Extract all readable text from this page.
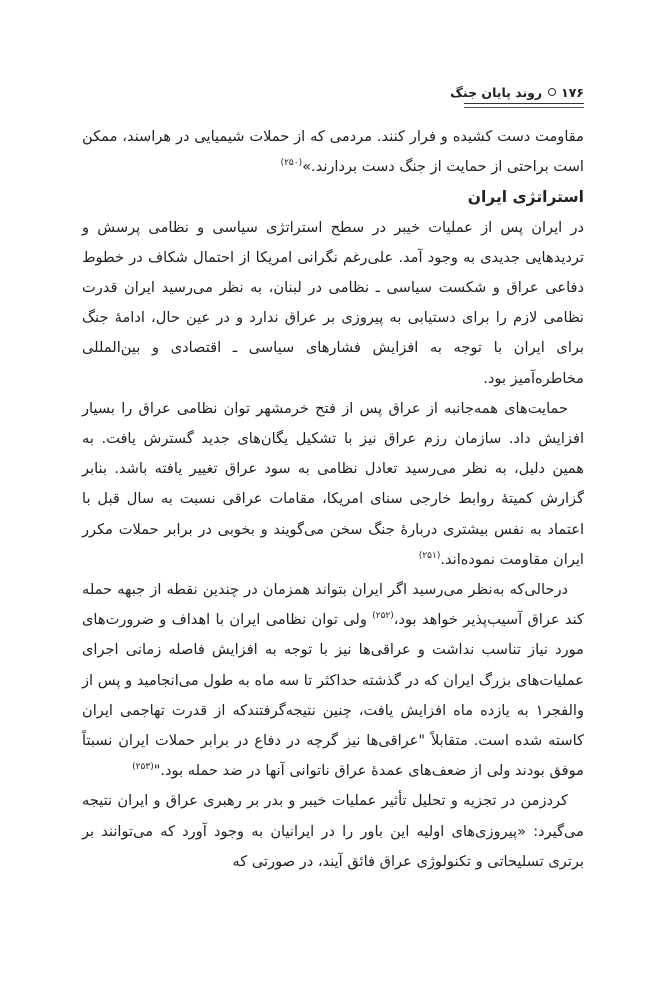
۱۷۶
روند پایان جنگ

مقاومت دست کشیده و فرار کنند. مردمی که از حملات شیمیایی در هراسند، ممکن است براحتی از حمایت از جنگ دست بردارند.»$^{(۲۵۰)}$

استراتژی ایران

در ایران پس از عملیات خیبر در سطح استراتژی سیاسی و نظامی پرسش و تردیدهایی جدیدی به وجود آمد. علی‌رغم نگرانی امریکا از احتمال شکاف در خطوط دفاعی عراق و شکست سیاسی ـ نظامی در لبنان، به نظر می‌رسید ایران قدرت نظامی لازم را برای دستیابی به پیروزی بر عراق ندارد و در عین حال، ادامهٔ جنگ برای ایران با توجه به افزایش فشارهای سیاسی ـ اقتصادی و بین‌المللی مخاطره‌آمیز بود.

حمایت‌های همه‌جانبه از عراق پس از فتح خرمشهر توان نظامی عراق را بسیار افزایش داد. سازمان رزم عراق نیز با تشکیل یگان‌های جدید گسترش یافت. به همین دلیل، به نظر می‌رسید تعادل نظامی به سود عراق تغییر یافته باشد. بنابر گزارش کمیتهٔ روابط خارجی سنای امریکا، مقامات عراقی نسبت به سال قبل با اعتماد به نفس بیشتری دربارهٔ جنگ سخن می‌گویند و بخوبی در برابر حملات مکرر ایران مقاومت نموده‌اند.$^{(۲۵۱)}$

درحالی‌که به‌نظر می‌رسید اگر ایران بتواند همزمان در چندین نقطه از جبهه حمله کند عراق آسیب‌پذیر خواهد بود،$^{(۲۵۲)}$ ولی توان نظامی ایران با اهداف و ضرورت‌های مورد نیاز تناسب نداشت و عراقی‌ها نیز با توجه به افزایش فاصله زمانی اجرای عملیات‌های بزرگ ایران که در گذشته حداکثر تا سه ماه به طول می‌انجامید و پس از والفجر۱ به یازده ماه افزایش یافت، چنین نتیجه‌گرفتندکه از قدرت تهاجمی ایران کاسته شده است. متقابلاً "عراقی‌ها نیز گرچه در دفاع در برابر حملات ایران نسبتاً موفق بودند ولی از ضعف‌های عمدهٔ عراق ناتوانی آنها در ضد حمله بود."$^{(۲۵۳)}$

کردزمن در تجزیه و تحلیل تأثیر عملیات خیبر و بدر بر رهبری عراق و ایران نتیجه می‌گیرد: «پیروزی‌های اولیه این باور را در ایرانیان به وجود آورد که می‌توانند بر برتری تسلیحاتی و تکنولوژی عراق فائق آیند، در صورتی که
